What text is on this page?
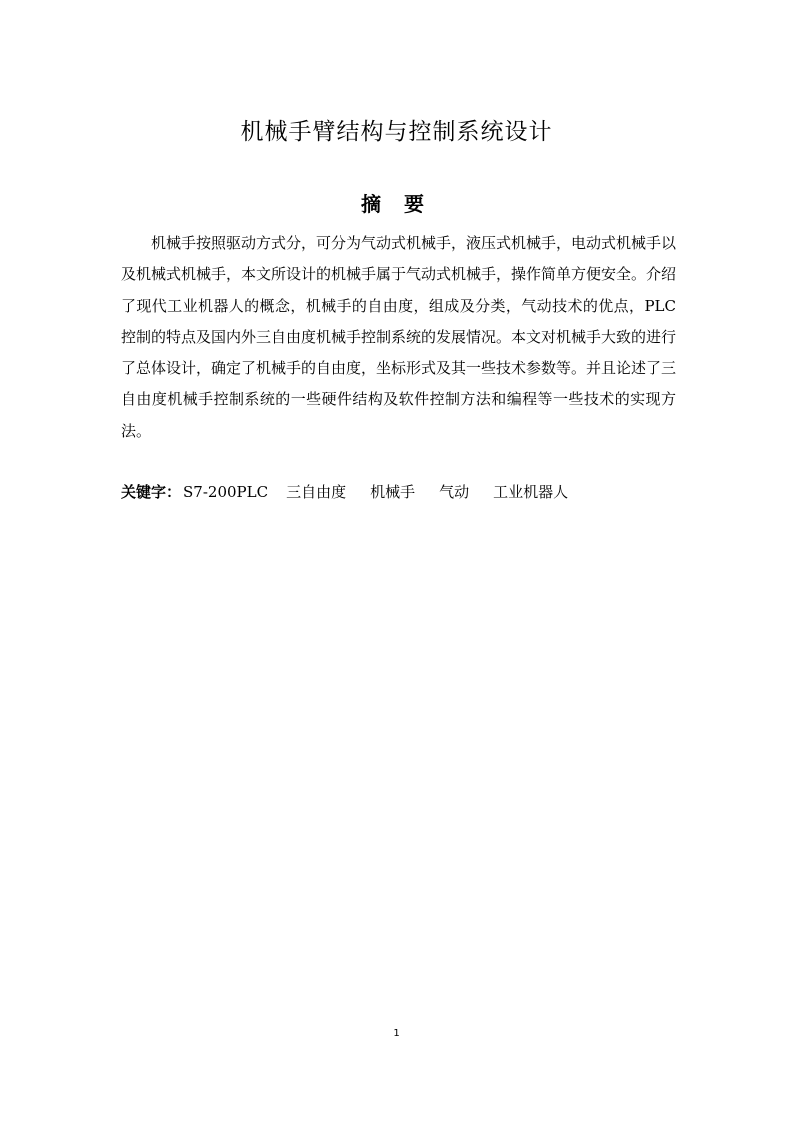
机械手臂结构与控制系统设计
摘 要
机械手按照驱动方式分，可分为气动式机械手，液压式机械手，电动式机械手以及机械式机械手，本文所设计的机械手属于气动式机械手，操作简单方便安全。介绍了现代工业机器人的概念，机械手的自由度，组成及分类，气动技术的优点，PLC控制的特点及国内外三自由度机械手控制系统的发展情况。本文对机械手大致的进行了总体设计，确定了机械手的自由度，坐标形式及其一些技术参数等。并且论述了三自由度机械手控制系统的一些硬件结构及软件控制方法和编程等一些技术的实现方法。
关键字： S7-200PLC 三自由度 机械手 气动 工业机器人
1
